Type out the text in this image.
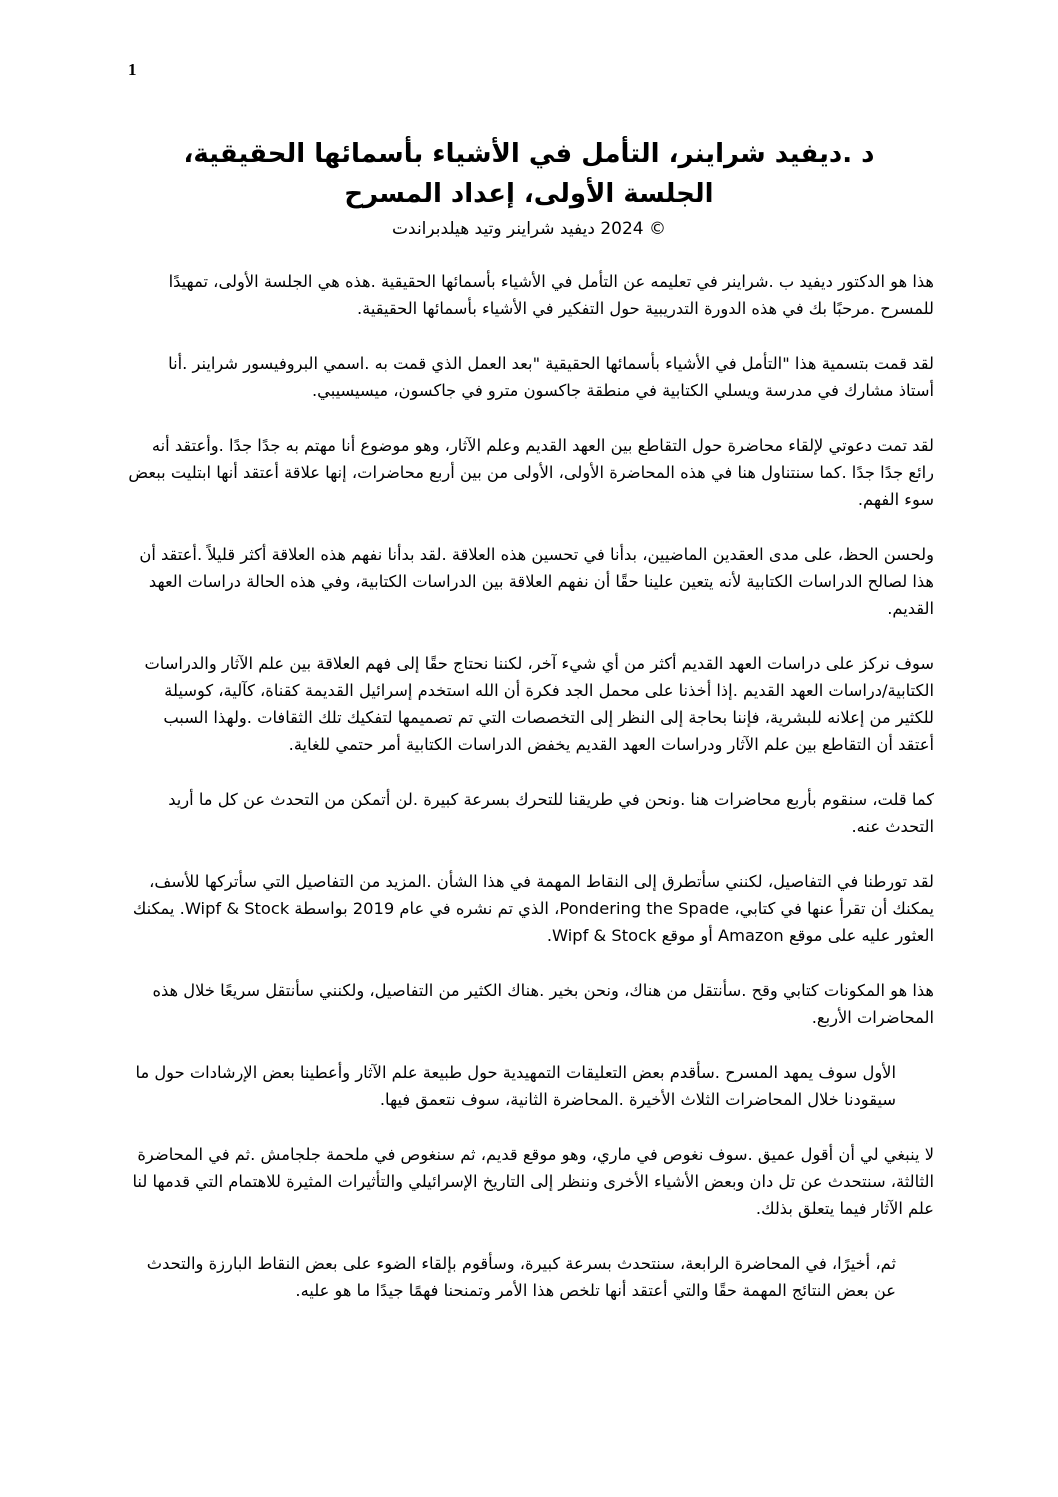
1

د .ديفيد شراينر، التأمل في الأشياء بأسمائها الحقيقية،

الجلسة الأولى، إعداد المسرح

© 2024 ديفيد شراينر وتيد هيلدبراندت

هذا هو الدكتور ديفيد ب .شراينر في تعليمه عن التأمل في الأشياء بأسمائها الحقيقية .هذه هي الجلسة الأولى، تمهيدًا للمسرح .مرحبًا بك في هذه الدورة التدريبية حول التفكير في الأشياء بأسمائها الحقيقية.

لقد قمت بتسمية هذا "التأمل في الأشياء بأسمائها الحقيقية "بعد العمل الذي قمت به .اسمي البروفيسور شراينر .أنا أستاذ مشارك في مدرسة ويسلي الكتابية في منطقة جاكسون مترو في جاكسون، ميسيسيبي.

لقد تمت دعوتي لإلقاء محاضرة حول التقاطع بين العهد القديم وعلم الآثار، وهو موضوع أنا مهتم به جدًا جدًا .وأعتقد أنه رائع جدًا جدًا .كما سنتناول هنا في هذه المحاضرة الأولى، الأولى من بين أربع محاضرات، إنها علاقة أعتقد أنها ابتليت ببعض سوء الفهم.

ولحسن الحظ، على مدى العقدين الماضيين، بدأنا في تحسين هذه العلاقة .لقد بدأنا نفهم هذه العلاقة أكثر قليلاً .أعتقد أن هذا لصالح الدراسات الكتابية لأنه يتعين علينا حقًا أن نفهم العلاقة بين الدراسات الكتابية، وفي هذه الحالة دراسات العهد القديم.

سوف نركز على دراسات العهد القديم أكثر من أي شيء آخر، لكننا نحتاج حقًا إلى فهم العلاقة بين علم الآثار والدراسات الكتابية/دراسات العهد القديم .إذا أخذنا على محمل الجد فكرة أن الله استخدم إسرائيل القديمة كقناة، كآلية، كوسيلة للكثير من إعلانه للبشرية، فإننا بحاجة إلى النظر إلى التخصصات التي تم تصميمها لتفكيك تلك الثقافات .ولهذا السبب أعتقد أن التقاطع بين علم الآثار ودراسات العهد القديم يخفض الدراسات الكتابية أمر حتمي للغاية.

كما قلت، سنقوم بأربع محاضرات هنا .ونحن في طريقنا للتحرك بسرعة كبيرة .لن أتمكن من التحدث عن كل ما أريد التحدث عنه.

لقد تورطنا في التفاصيل، لكنني سأتطرق إلى النقاط المهمة في هذا الشأن .المزيد من التفاصيل التي سأتركها للأسف، يمكنك أن تقرأ عنها في كتابي، Pondering the Spade، الذي تم نشره في عام 2019 بواسطة Wipf & Stock. يمكنك العثور عليه على موقع Amazon أو موقع Wipf & Stock.

هذا هو المكونات كتابي وقح .سأنتقل من هناك، ونحن بخير .هناك الكثير من التفاصيل، ولكنني سأنتقل سريعًا خلال هذه المحاضرات الأربع.

الأول سوف يمهد المسرح .سأقدم بعض التعليقات التمهيدية حول طبيعة علم الآثار وأعطينا بعض الإرشادات حول ما سيقودنا خلال المحاضرات الثلاث الأخيرة .المحاضرة الثانية، سوف نتعمق فيها.

لا ينبغي لي أن أقول عميق .سوف نغوص في ماري، وهو موقع قديم، ثم سنغوص في ملحمة جلجامش .ثم في المحاضرة الثالثة، سنتحدث عن تل دان وبعض الأشياء الأخرى وننظر إلى التاريخ الإسرائيلي والتأثيرات المثيرة للاهتمام التي قدمها لنا علم الآثار فيما يتعلق بذلك.

ثم، أخيرًا، في المحاضرة الرابعة، سنتحدث بسرعة كبيرة، وسأقوم بإلقاء الضوء على بعض النقاط البارزة والتحدث عن بعض النتائج المهمة حقًا والتي أعتقد أنها تلخص هذا الأمر وتمنحنا فهمًا جيدًا ما هو عليه.
